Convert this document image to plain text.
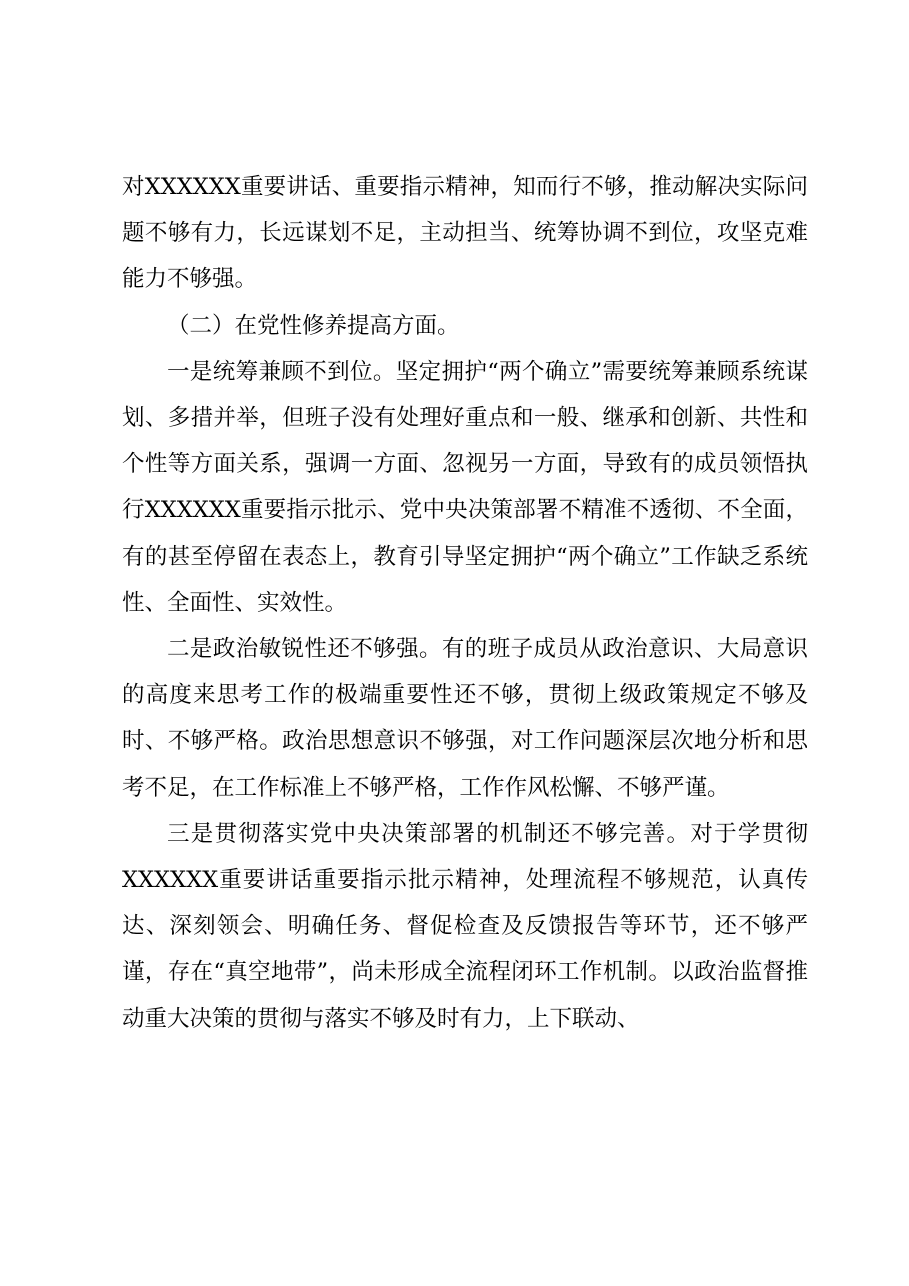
对XXXXXX重要讲话、重要指示精神，知而行不够，推动解决实际问题不够有力，长远谋划不足，主动担当、统筹协调不到位，攻坚克难能力不够强。

（二）在党性修养提高方面。

一是统筹兼顾不到位。坚定拥护“两个确立”需要统筹兼顾系统谋划、多措并举，但班子没有处理好重点和一般、继承和创新、共性和个性等方面关系，强调一方面、忽视另一方面，导致有的成员领悟执行XXXXXX重要指示批示、党中央决策部署不精准不透彻、不全面，有的甚至停留在表态上，教育引导坚定拥护“两个确立”工作缺乏系统性、全面性、实效性。

二是政治敏锐性还不够强。有的班子成员从政治意识、大局意识的高度来思考工作的极端重要性还不够，贯彻上级政策规定不够及时、不够严格。政治思想意识不够强，对工作问题深层次地分析和思考不足，在工作标准上不够严格，工作作风松懈、不够严谨。

三是贯彻落实党中央决策部署的机制还不够完善。对于学贯彻XXXXXX重要讲话重要指示批示精神，处理流程不够规范，认真传达、深刻领会、明确任务、督促检查及反馈报告等环节，还不够严谨，存在“真空地带”，尚未形成全流程闭环工作机制。以政治监督推动重大决策的贯彻与落实不够及时有力，上下联动、
